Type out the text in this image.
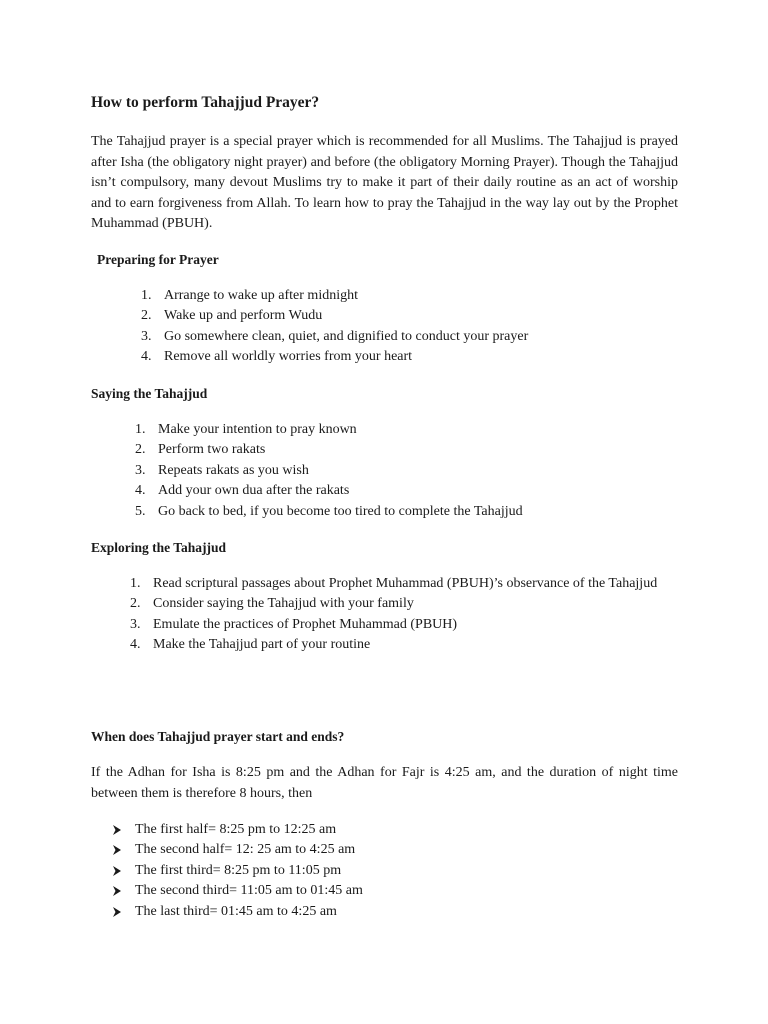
How to perform Tahajjud Prayer?

The Tahajjud prayer is a special prayer which is recommended for all Muslims. The Tahajjud is prayed after Isha (the obligatory night prayer) and before (the obligatory Morning Prayer). Though the Tahajjud isn’t compulsory, many devout Muslims try to make it part of their daily routine as an act of worship and to earn forgiveness from Allah. To learn how to pray the Tahajjud in the way lay out by the Prophet Muhammad (PBUH).

Preparing for Prayer
1. Arrange to wake up after midnight
2. Wake up and perform Wudu
3. Go somewhere clean, quiet, and dignified to conduct your prayer
4. Remove all worldly worries from your heart
Saying the Tahajjud
1. Make your intention to pray known
2. Perform two rakats
3. Repeats rakats as you wish
4. Add your own dua after the rakats
5. Go back to bed, if you become too tired to complete the Tahajjud
Exploring the Tahajjud
1. Read scriptural passages about Prophet Muhammad (PBUH)’s observance of the Tahajjud
2. Consider saying the Tahajjud with your family
3. Emulate the practices of Prophet Muhammad (PBUH)
4. Make the Tahajjud part of your routine
When does Tahajjud prayer start and ends?

If the Adhan for Isha is 8:25 pm and the Adhan for Fajr is 4:25 am, and the duration of night time between them is therefore 8 hours, then

The first half= 8:25 pm to 12:25 am
The second half= 12: 25 am to 4:25 am
The first third= 8:25 pm to 11:05 pm
The second third= 11:05 am to 01:45 am
The last third= 01:45 am to 4:25 am
